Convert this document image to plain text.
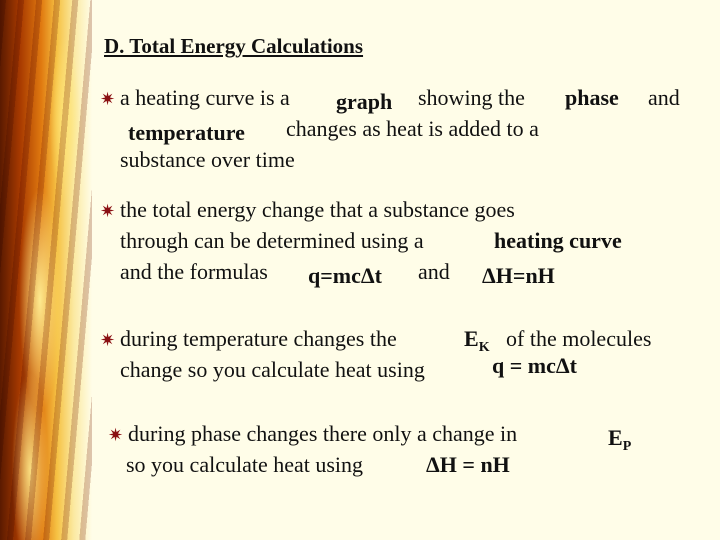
D. Total Energy Calculations
✷ a heating curve is a graph showing the phase and
temperature changes as heat is added to a
substance over time
✷ the total energy change that a substance goes
through can be determined using a	heating curve
and the formulas q=mcΔt and ΔH=nH
✷ during temperature changes the	$E_K$ of the molecules
change so you calculate heat using	q = mcΔt
✷ during phase changes there only a change in	$E_P$
so you calculate heat using	ΔH = nH
